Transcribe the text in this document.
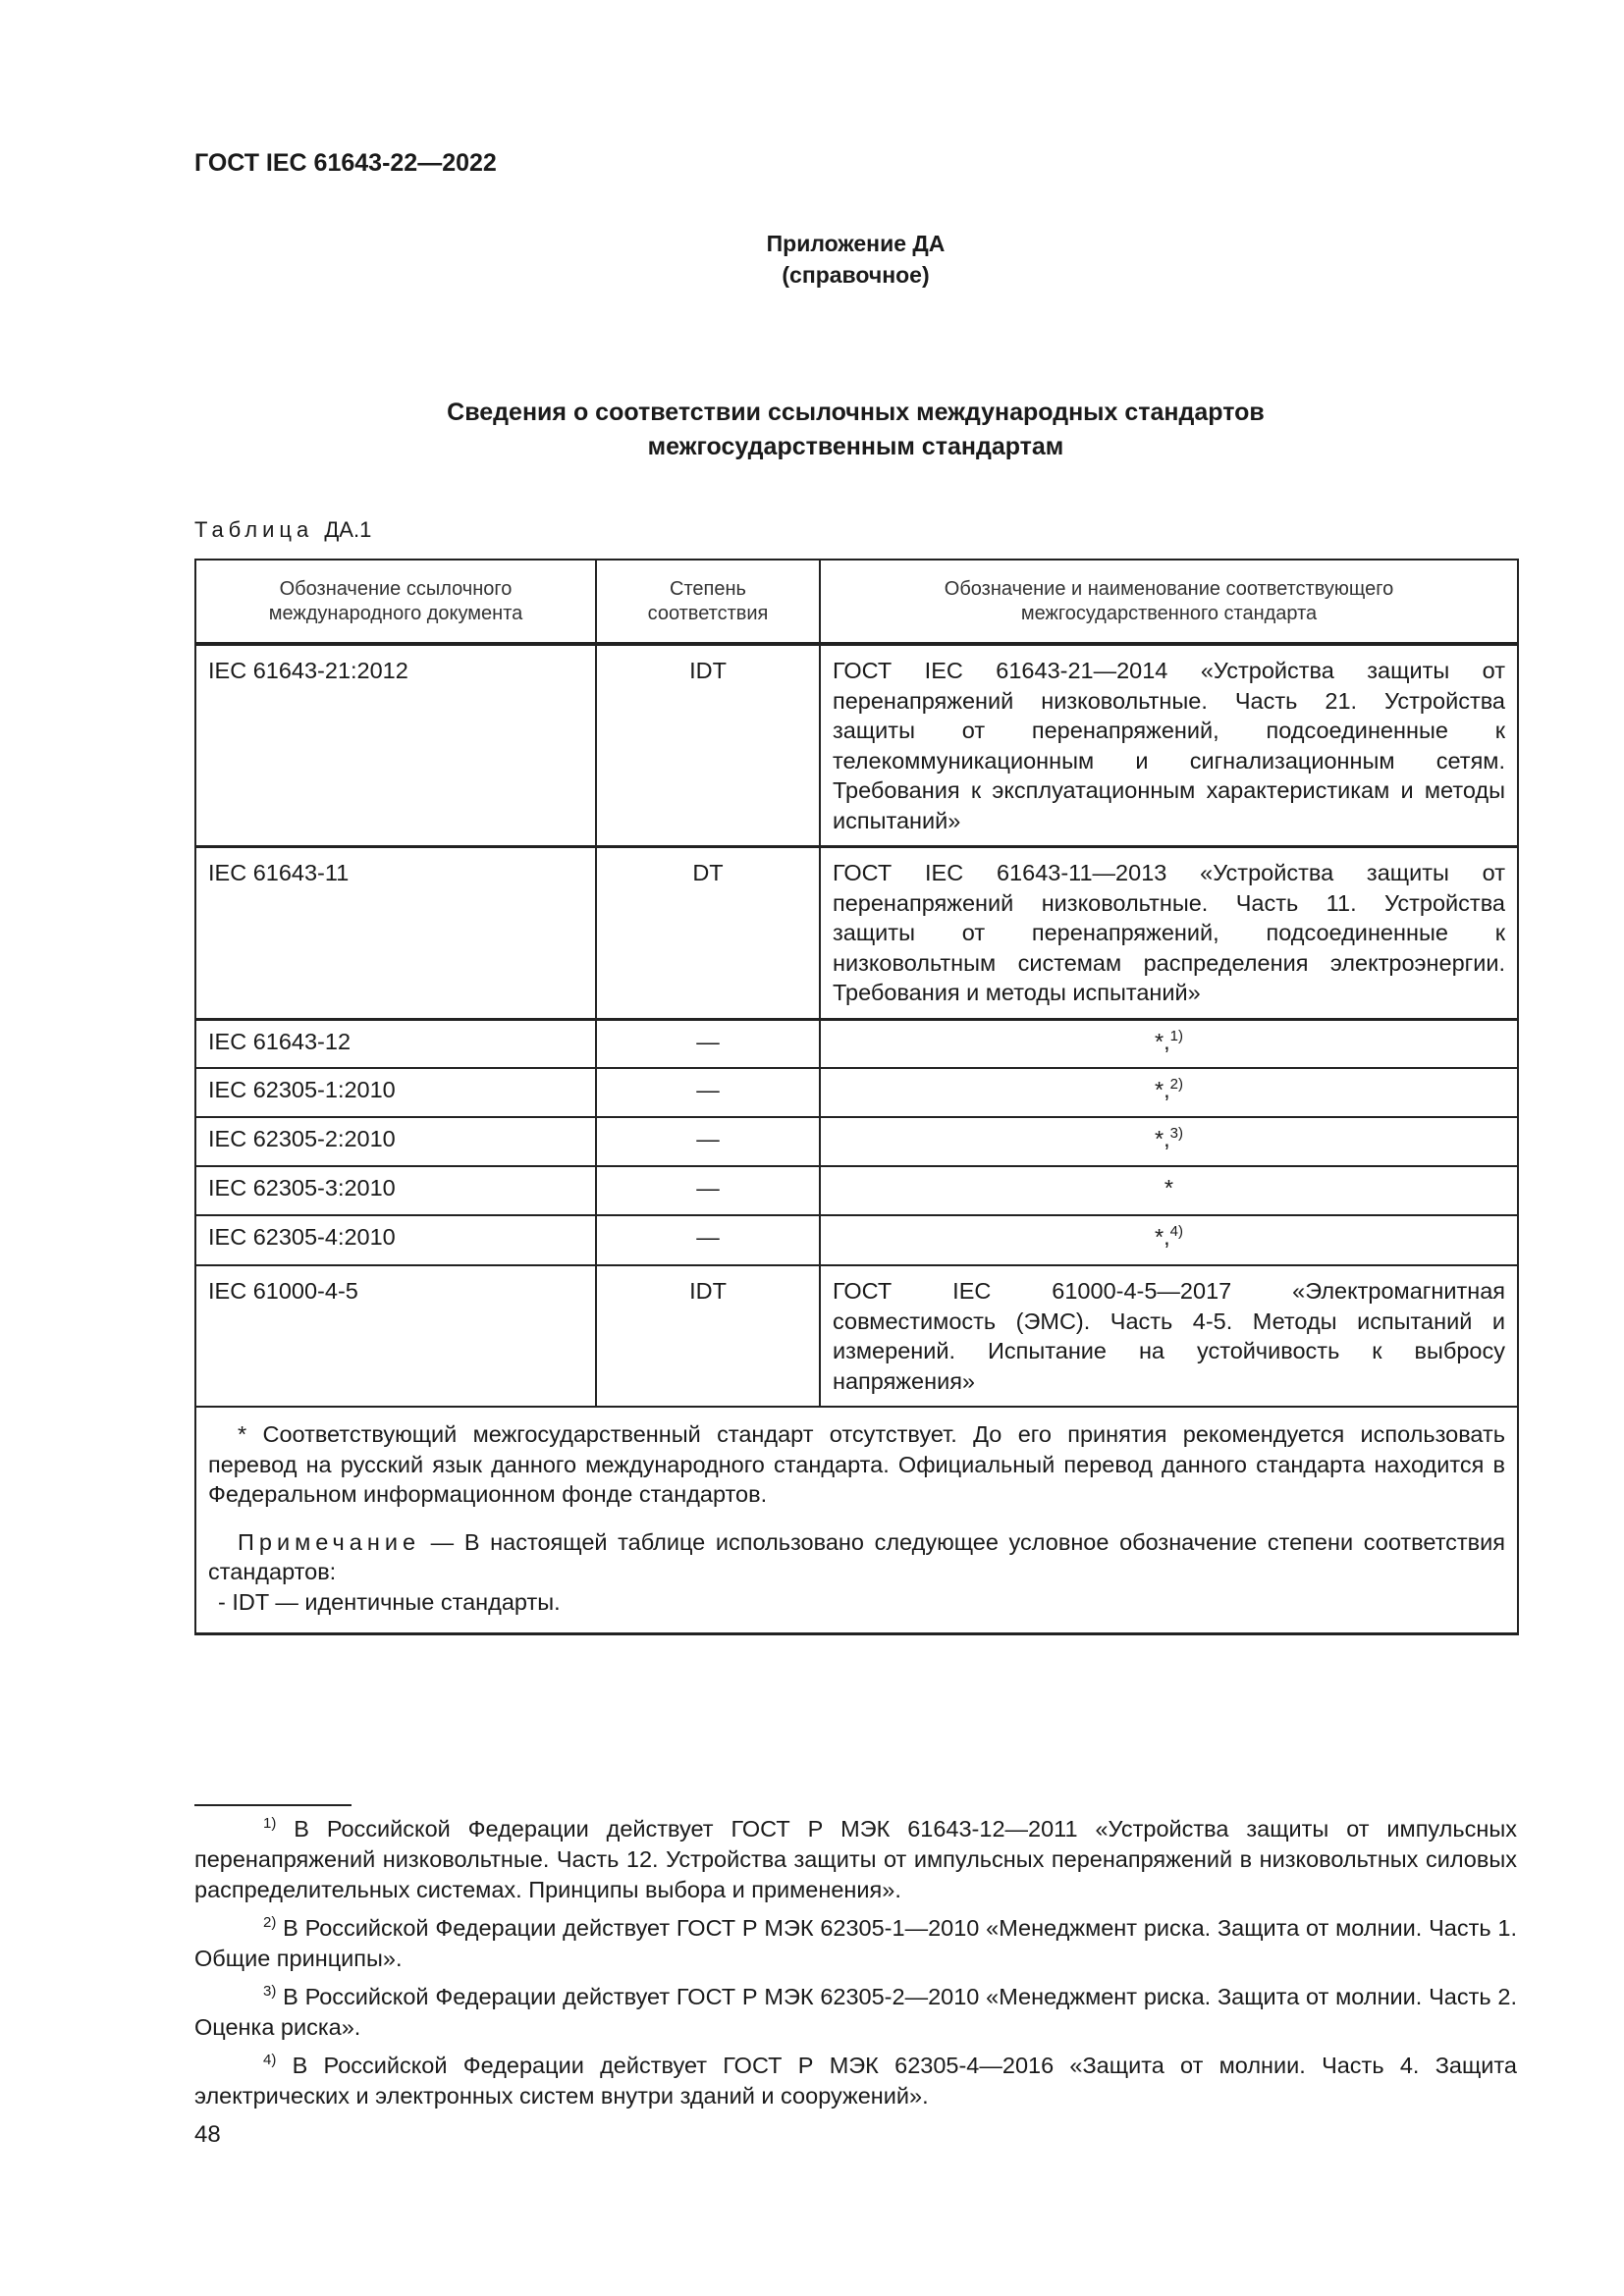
ГОСТ IEC 61643-22—2022
Приложение ДА
(справочное)
Сведения о соответствии ссылочных международных стандартов
межгосударственным стандартам
Таблица ДА.1
Обозначение ссылочного международного документа	Степень соответствия	Обозначение и наименование соответствующего межгосударственного стандарта
IEC 61643-21:2012	IDT	ГОСТ IEC 61643-21—2014 «Устройства защиты от перенапряжений низковольтные. Часть 21. Устройства защиты от перенапряжений, подсоединенные к телекоммуникационным и сигнализационным сетям. Требования к эксплуатационным характеристикам и методы испытаний»
IEC 61643-11	DT	ГОСТ IEC 61643-11—2013 «Устройства защиты от перенапряжений низковольтные. Часть 11. Устройства защиты от перенапряжений, подсоединенные к низковольтным системам распределения электроэнергии. Требования и методы испытаний»
IEC 61643-12	—	*,$^{1)}$
IEC 62305-1:2010	—	*,$^{2)}$
IEC 62305-2:2010	—	*,$^{3)}$
IEC 62305-3:2010	—	*
IEC 62305-4:2010	—	*,$^{4)}$
IEC 61000-4-5	IDT	ГОСТ IEC 61000-4-5—2017 «Электромагнитная совместимость (ЭМС). Часть 4-5. Методы испытаний и измерений. Испытание на устойчивость к выбросу напряжения»

* Соответствующий межгосударственный стандарт отсутствует. До его принятия рекомендуется использовать перевод на русский язык данного международного стандарта. Официальный перевод данного стандарта находится в Федеральном информационном фонде стандартов.
Примечание — В настоящей таблице использовано следующее условное обозначение степени соответствия стандартов:
- IDT — идентичные стандарты.		
$^{1)}$ В Российской Федерации действует ГОСТ Р МЭК 61643-12—2011 «Устройства защиты от импульсных перенапряжений низковольтные. Часть 12. Устройства защиты от импульсных перенапряжений в низковольтных силовых распределительных системах. Принципы выбора и применения».
$^{2)}$ В Российской Федерации действует ГОСТ Р МЭК 62305-1—2010 «Менеджмент риска. Защита от молнии. Часть 1. Общие принципы».
$^{3)}$ В Российской Федерации действует ГОСТ Р МЭК 62305-2—2010 «Менеджмент риска. Защита от молнии. Часть 2. Оценка риска».
$^{4)}$ В Российской Федерации действует ГОСТ Р МЭК 62305-4—2016 «Защита от молнии. Часть 4. Защита электрических и электронных систем внутри зданий и сооружений».
48
